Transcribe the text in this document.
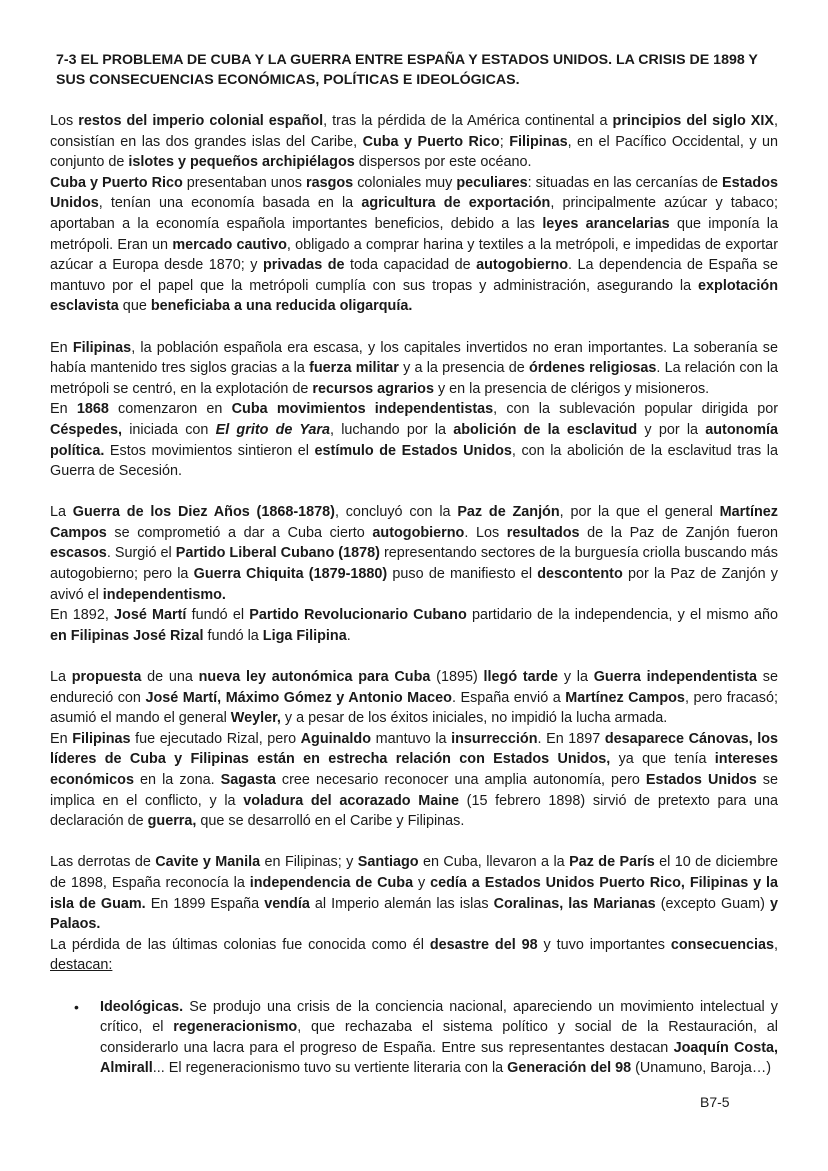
7-3 EL PROBLEMA DE CUBA Y LA GUERRA ENTRE ESPAÑA Y ESTADOS UNIDOS. LA CRISIS DE 1898 Y SUS CONSECUENCIAS ECONÓMICAS, POLÍTICAS E IDEOLÓGICAS.

Los restos del imperio colonial español, tras la pérdida de la América continental a principios del siglo XIX, consistían en las dos grandes islas del Caribe, Cuba y Puerto Rico; Filipinas, en el Pacífico Occidental, y un conjunto de islotes y pequeños archipiélagos dispersos por este océano.

Cuba y Puerto Rico presentaban unos rasgos coloniales muy peculiares: situadas en las cercanías de Estados Unidos, tenían una economía basada en la agricultura de exportación, principalmente azúcar y tabaco; aportaban a la economía española importantes beneficios, debido a las leyes arancelarias que imponía la metrópoli. Eran un mercado cautivo, obligado a comprar harina y textiles a la metrópoli, e impedidas de exportar azúcar a Europa desde 1870; y privadas de toda capacidad de autogobierno. La dependencia de España se mantuvo por el papel que la metrópoli cumplía con sus tropas y administración, asegurando la explotación esclavista que beneficiaba a una reducida oligarquía.

En Filipinas, la población española era escasa, y los capitales invertidos no eran importantes. La soberanía se había mantenido tres siglos gracias a la fuerza militar y a la presencia de órdenes religiosas. La relación con la metrópoli se centró, en la explotación de recursos agrarios y en la presencia de clérigos y misioneros.

En 1868 comenzaron en Cuba movimientos independentistas, con la sublevación popular dirigida por Céspedes, iniciada con El grito de Yara, luchando por la abolición de la esclavitud y por la autonomía política. Estos movimientos sintieron el estímulo de Estados Unidos, con la abolición de la esclavitud tras la Guerra de Secesión.

La Guerra de los Diez Años (1868-1878), concluyó con la Paz de Zanjón, por la que el general Martínez Campos se comprometió a dar a Cuba cierto autogobierno. Los resultados de la Paz de Zanjón fueron escasos. Surgió el Partido Liberal Cubano (1878) representando sectores de la burguesía criolla buscando más autogobierno; pero la Guerra Chiquita (1879-1880) puso de manifiesto el descontento por la Paz de Zanjón y avivó el independentismo.

En 1892, José Martí fundó el Partido Revolucionario Cubano partidario de la independencia, y el mismo año en Filipinas José Rizal fundó la Liga Filipina.

La propuesta de una nueva ley autonómica para Cuba (1895) llegó tarde y la Guerra independentista se endureció con José Martí, Máximo Gómez y Antonio Maceo. España envió a Martínez Campos, pero fracasó; asumió el mando el general Weyler, y a pesar de los éxitos iniciales, no impidió la lucha armada.

En Filipinas fue ejecutado Rizal, pero Aguinaldo mantuvo la insurrección. En 1897 desaparece Cánovas, los líderes de Cuba y Filipinas están en estrecha relación con Estados Unidos, ya que tenía intereses económicos en la zona. Sagasta cree necesario reconocer una amplia autonomía, pero Estados Unidos se implica en el conflicto, y la voladura del acorazado Maine (15 febrero 1898) sirvió de pretexto para una declaración de guerra, que se desarrolló en el Caribe y Filipinas.

Las derrotas de Cavite y Manila en Filipinas; y Santiago en Cuba, llevaron a la Paz de París el 10 de diciembre de 1898, España reconocía la independencia de Cuba y cedía a Estados Unidos Puerto Rico, Filipinas y la isla de Guam. En 1899 España vendía al Imperio alemán las islas Coralinas, las Marianas (excepto Guam) y Palaos.

La pérdida de las últimas colonias fue conocida como él desastre del 98 y tuvo importantes consecuencias, destacan:

• Ideológicas. Se produjo una crisis de la conciencia nacional, apareciendo un movimiento intelectual y crítico, el regeneracionismo, que rechazaba el sistema político y social de la Restauración, al considerarlo una lacra para el progreso de España. Entre sus representantes destacan Joaquín Costa, Almirall... El regeneracionismo tuvo su vertiente literaria con la Generación del 98 (Unamuno, Baroja…)
B7-5
